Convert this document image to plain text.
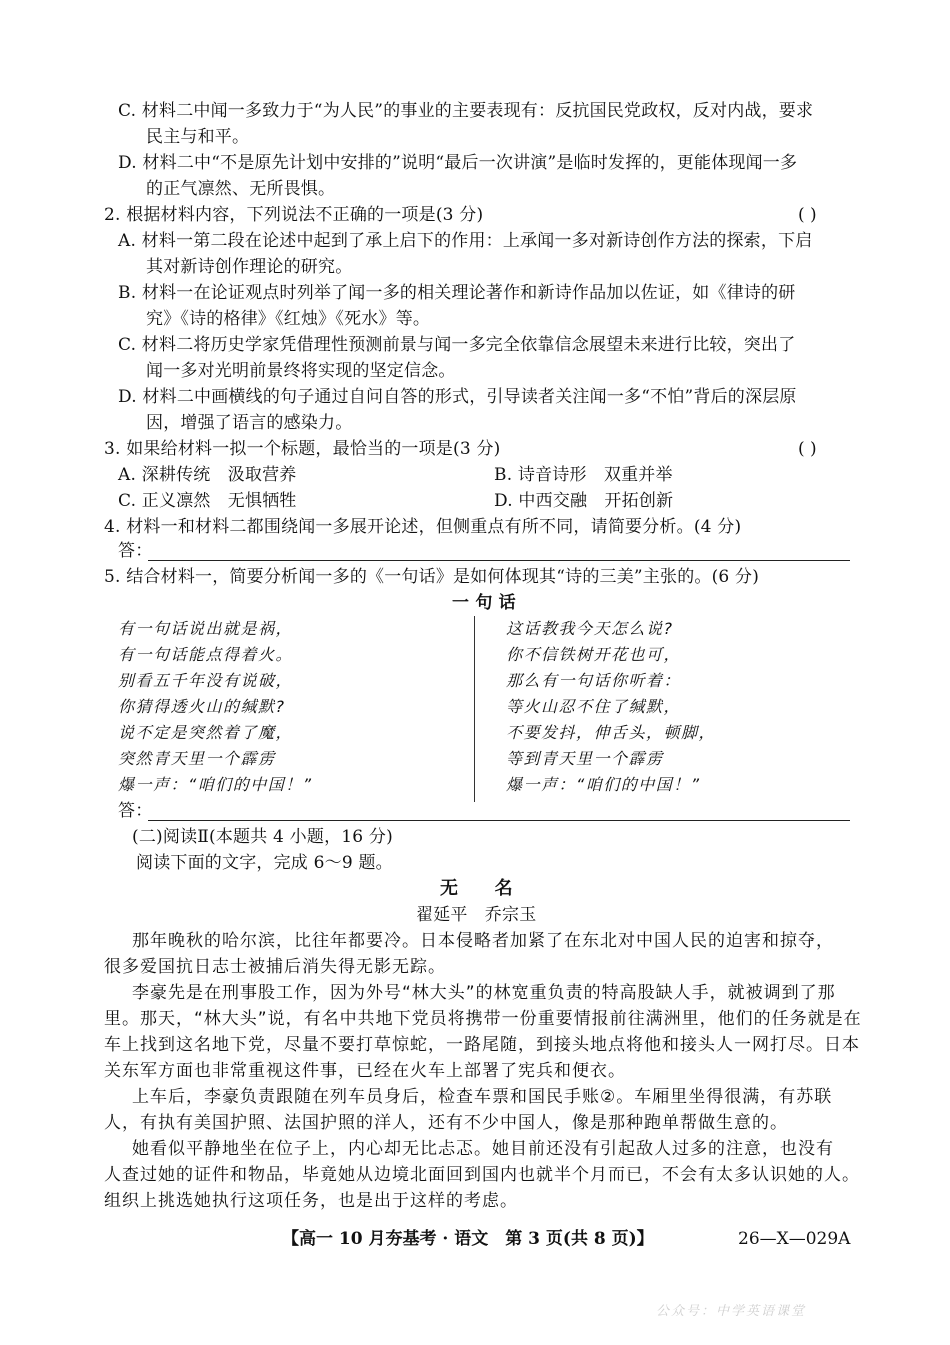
C. 材料二中闻一多致力于“为人民”的事业的主要表现有：反抗国民党政权，反对内战，要求
民主与和平。
D. 材料二中“不是原先计划中安排的”说明“最后一次讲演”是临时发挥的，更能体现闻一多
的正气凛然、无所畏惧。
2. 根据材料内容，下列说法不正确的一项是(3 分)	( )
A. 材料一第二段在论述中起到了承上启下的作用：上承闻一多对新诗创作方法的探索，下启
其对新诗创作理论的研究。
B. 材料一在论证观点时列举了闻一多的相关理论著作和新诗作品加以佐证，如《律诗的研
究》《诗的格律》《红烛》《死水》等。
C. 材料二将历史学家凭借理性预测前景与闻一多完全依靠信念展望未来进行比较，突出了
闻一多对光明前景终将实现的坚定信念。
D. 材料二中画横线的句子通过自问自答的形式，引导读者关注闻一多“不怕”背后的深层原
因，增强了语言的感染力。
3. 如果给材料一拟一个标题，最恰当的一项是(3 分)	( )
A. 深耕传统　汲取营养	B. 诗音诗形　双重并举
C. 正义凛然　无惧牺牲	D. 中西交融　开拓创新
4. 材料一和材料二都围绕闻一多展开论述，但侧重点有所不同，请简要分析。(4 分)
答：
5. 结合材料一，简要分析闻一多的《一句话》是如何体现其“诗的三美”主张的。(6 分)
一 句 话
有一句话说出就是祸，
有一句话能点得着火。
别看五千年没有说破，
你猜得透火山的缄默?
说不定是突然着了魔，
突然青天里一个霹雳
爆一声：“咱们的中国！”
这话教我今天怎么说?
你不信铁树开花也可，
那么有一句话你听着：
等火山忍不住了缄默，
不要发抖，伸舌头，顿脚，
等到青天里一个霹雳
爆一声：“咱们的中国！”
答：
(二)阅读Ⅱ(本题共 4 小题，16 分)
阅读下面的文字，完成 6～9 题。
无　　名
翟延平　乔宗玉
那年晚秋的哈尔滨，比往年都要冷。日本侵略者加紧了在东北对中国人民的迫害和掠夺，
很多爱国抗日志士被捕后消失得无影无踪。
李豪先是在刑事股工作，因为外号“林大头”的林宽重负责的特高股缺人手，就被调到了那
里。那天，“林大头”说，有名中共地下党员将携带一份重要情报前往满洲里，他们的任务就是在
车上找到这名地下党，尽量不要打草惊蛇，一路尾随，到接头地点将他和接头人一网打尽。日本
关东军方面也非常重视这件事，已经在火车上部署了宪兵和便衣。
上车后，李豪负责跟随在列车员身后，检查车票和国民手账②。车厢里坐得很满，有苏联
人，有执有美国护照、法国护照的洋人，还有不少中国人，像是那种跑单帮做生意的。
她看似平静地坐在位子上，内心却无比忐忑。她目前还没有引起敌人过多的注意，也没有
人查过她的证件和物品，毕竟她从边境北面回到国内也就半个月而已，不会有太多认识她的人。
组织上挑选她执行这项任务，也是出于这样的考虑。
【高一 10 月夯基考 · 语文　第 3 页(共 8 页)】	26—X—029A
公众号：中学英语课堂
